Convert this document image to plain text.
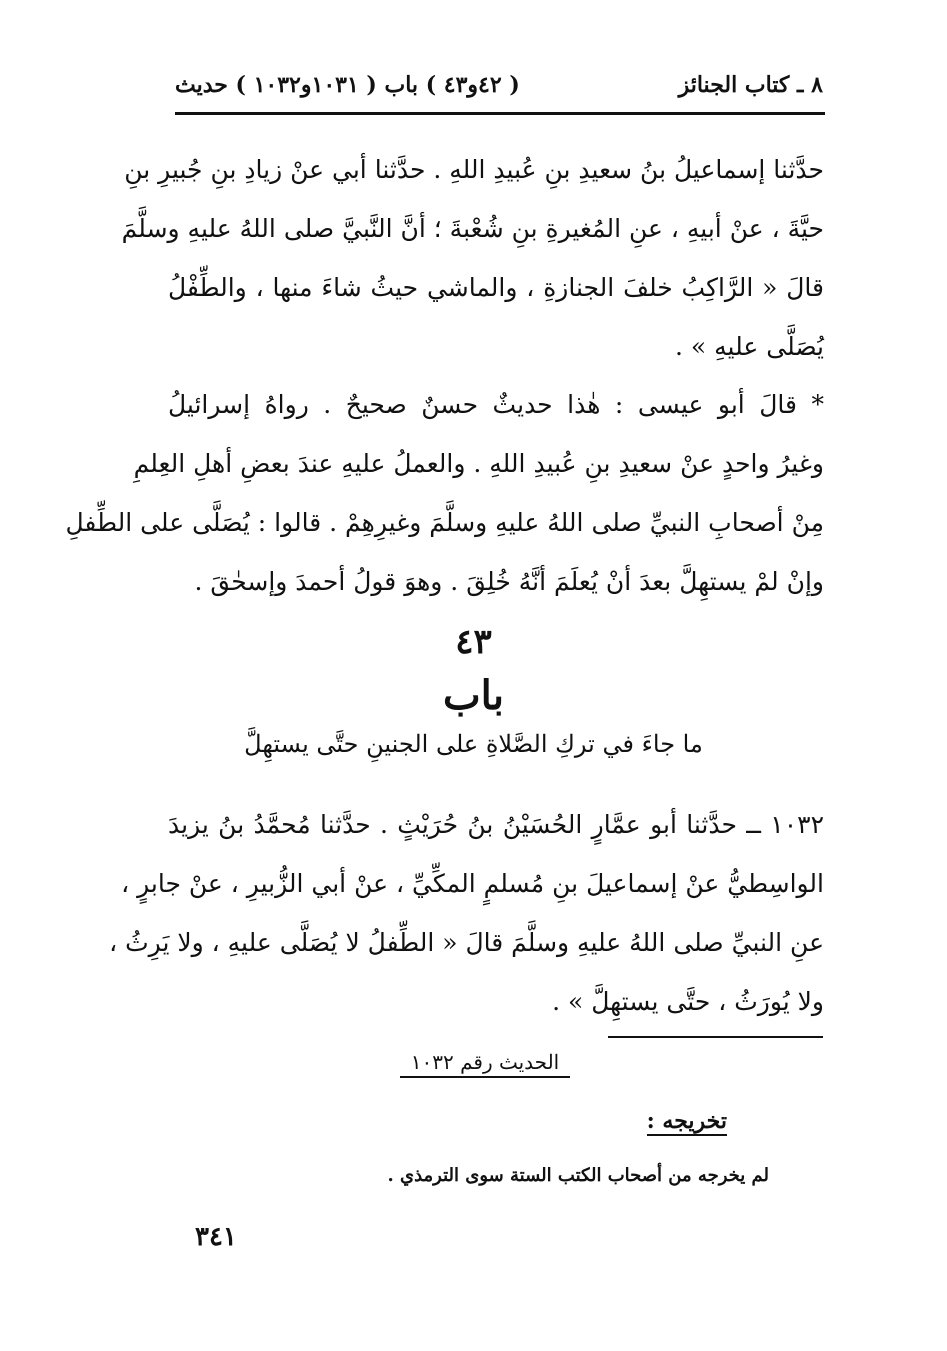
٨ ـ كتاب الجنائز
( ٤٢و٤٣ ) باب ( ١٠٣١و١٠٣٢ ) حديث
حدَّثنا إسماعيلُ بنُ سعيدِ بنِ عُبيدِ اللهِ . حدَّثنا أبي عنْ زيادِ بنِ جُبيرِ بنِ
حيَّةَ ، عنْ أبيهِ ، عنِ المُغيرةِ بنِ شُعْبةَ ؛ أنَّ النَّبيَّ صلى اللهُ عليهِ وسلَّمَ
قالَ « الرَّاكِبُ خلفَ الجنازةِ ، والماشي حيثُ شاءَ منها ، والطِّفْلُ
يُصَلَّى عليهِ » .
* قالَ أبو عيسى : هٰذا حديثٌ حسنٌ صحيحٌ . رواهُ إسرائيلُ
وغيرُ واحدٍ عنْ سعيدِ بنِ عُبيدِ اللهِ . والعملُ عليهِ عندَ بعضِ أهلِ العِلمِ
مِنْ أصحابِ النبيِّ صلى اللهُ عليهِ وسلَّمَ وغيرِهِمْ . قالوا : يُصَلَّى على الطِّفلِ
وإنْ لمْ يستهِلَّ بعدَ أنْ يُعلَمَ أنَّهُ خُلِقَ . وهوَ قولُ أحمدَ وإسحٰقَ .
٤٣
باب
ما جاءَ في تركِ الصَّلاةِ على الجنينِ حتَّى يستهِلَّ
١٠٣٢ ــ حدَّثنا أبو عمَّارٍ الحُسَيْنُ بنُ حُرَيْثٍ . حدَّثنا مُحمَّدُ بنُ يزيدَ
الواسِطيُّ عنْ إسماعيلَ بنِ مُسلمٍ المكِّيِّ ، عنْ أبي الزُّبيرِ ، عنْ جابرٍ ،
عنِ النبيِّ صلى اللهُ عليهِ وسلَّمَ قالَ « الطِّفلُ لا يُصَلَّى عليهِ ، ولا يَرِثُ ،
ولا يُورَثُ ، حتَّى يستهِلَّ » .
الحديث رقم ١٠٣٢
تخريجه :
لم يخرجه من أصحاب الكتب الستة سوى الترمذي .
٣٤١
